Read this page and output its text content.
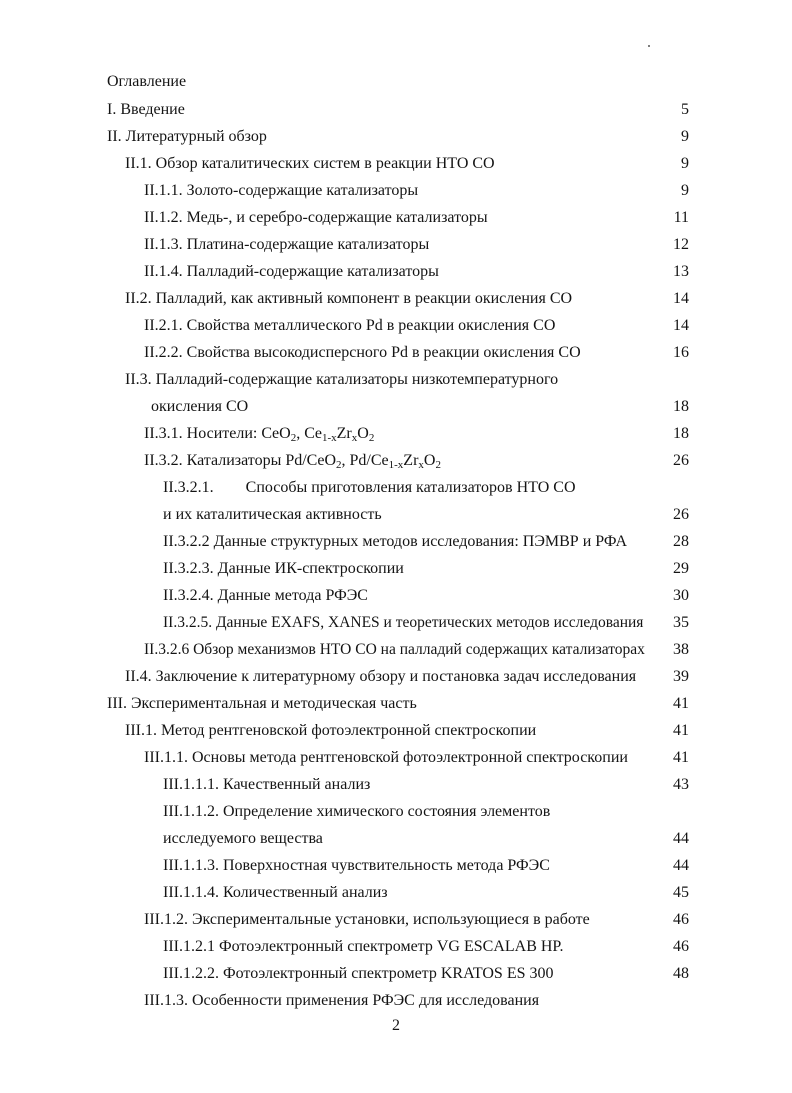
Оглавление
I. Введение	5
II. Литературный обзор	9
II.1. Обзор каталитических систем в реакции НТО СО	9
II.1.1. Золото-содержащие катализаторы	9
II.1.2. Медь-, и серебро-содержащие катализаторы	11
II.1.3. Платина-содержащие катализаторы	12
II.1.4. Палладий-содержащие катализаторы	13
II.2. Палладий, как активный компонент в реакции окисления СО	14
II.2.1. Свойства металлического Pd в реакции окисления СО	14
II.2.2. Свойства высокодисперсного Pd в реакции окисления СО	16
II.3. Палладий-содержащие катализаторы низкотемпературного
окисления СО	18
II.3.1. Носители: CeO$_2$, $Ce_{1-x}Zr_xO_2$	18
II.3.2. Катализаторы Pd/CeO$_2$, $Pd/Ce_{1-x}Zr_xO_2$	26
II.3.2.1.        Способы приготовления катализаторов НТО СО
и их каталитическая активность	26
II.3.2.2 Данные структурных методов исследования: ПЭМВР и РФА	28
II.3.2.3. Данные ИК-спектроскопии	29
II.3.2.4. Данные метода РФЭС	30
II.3.2.5. Данные EXAFS, XANES и теоретических методов исследования	35
II.3.2.6 Обзор механизмов НТО СО на палладий содержащих катализаторах	38
II.4. Заключение к литературному обзору и постановка задач исследования	39
III. Экспериментальная и методическая часть	41
III.1. Метод рентгеновской фотоэлектронной спектроскопии	41
III.1.1. Основы метода рентгеновской фотоэлектронной спектроскопии	41
III.1.1.1. Качественный анализ	43
III.1.1.2. Определение химического состояния элементов
исследуемого вещества	44
III.1.1.3. Поверхностная чувствительность метода РФЭС	44
III.1.1.4. Количественный анализ	45
III.1.2. Экспериментальные установки, использующиеся в работе	46
III.1.2.1 Фотоэлектронный спектрометр VG ESCALAB HP.	46
III.1.2.2. Фотоэлектронный спектрометр KRATOS ES 300	48
III.1.3. Особенности применения РФЭС для исследования
2
